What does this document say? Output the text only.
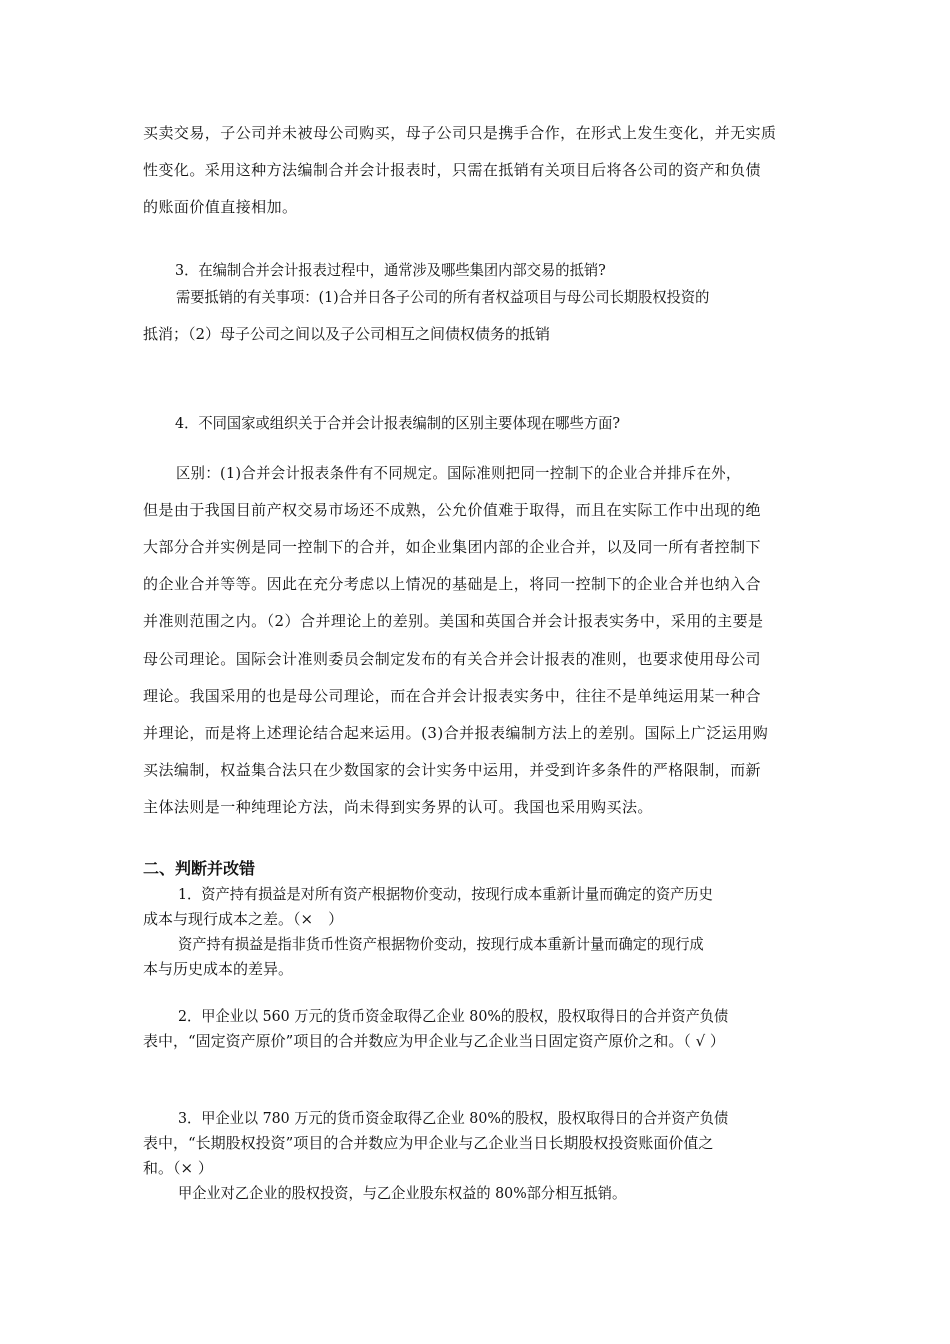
买卖交易，子公司并未被母公司购买，母子公司只是携手合作，在形式上发生变化，并无实质
性变化。采用这种方法编制合并会计报表时，只需在抵销有关项目后将各公司的资产和负债
的账面价值直接相加。
3．在编制合并会计报表过程中，通常涉及哪些集团内部交易的抵销?
需要抵销的有关事项：(1)合并日各子公司的所有者权益项目与母公司长期股权投资的
抵消；（2）母子公司之间以及子公司相互之间债权债务的抵销
4．不同国家或组织关于合并会计报表编制的区别主要体现在哪些方面?
区别：(1)合并会计报表条件有不同规定。国际准则把同一控制下的企业合并排斥在外，
但是由于我国目前产权交易市场还不成熟，公允价值难于取得，而且在实际工作中出现的绝
大部分合并实例是同一控制下的合并，如企业集团内部的企业合并，以及同一所有者控制下
的企业合并等等。因此在充分考虑以上情况的基础是上，将同一控制下的企业合并也纳入合
并准则范围之内。（2）合并理论上的差别。美国和英国合并会计报表实务中，采用的主要是
母公司理论。国际会计准则委员会制定发布的有关合并会计报表的准则，也要求使用母公司
理论。我国采用的也是母公司理论，而在合并会计报表实务中，往往不是单纯运用某一种合
并理论，而是将上述理论结合起来运用。(3)合并报表编制方法上的差别。国际上广泛运用购
买法编制，权益集合法只在少数国家的会计实务中运用，并受到许多条件的严格限制，而新
主体法则是一种纯理论方法，尚未得到实务界的认可。我国也采用购买法。
二、判断并改错
1．资产持有损益是对所有资产根据物价变动，按现行成本重新计量而确定的资产历史
成本与现行成本之差。（×　）
资产持有损益是指非货币性资产根据物价变动，按现行成本重新计量而确定的现行成
本与历史成本的差异。
2．甲企业以 560 万元的货币资金取得乙企业 80%的股权，股权取得日的合并资产负债
表中，“固定资产原价”项目的合并数应为甲企业与乙企业当日固定资产原价之和。（ √ ）
3．甲企业以 780 万元的货币资金取得乙企业 80%的股权，股权取得日的合并资产负债
表中，“长期股权投资”项目的合并数应为甲企业与乙企业当日长期股权投资账面价值之
和。（× ）
甲企业对乙企业的股权投资，与乙企业股东权益的 80%部分相互抵销。
